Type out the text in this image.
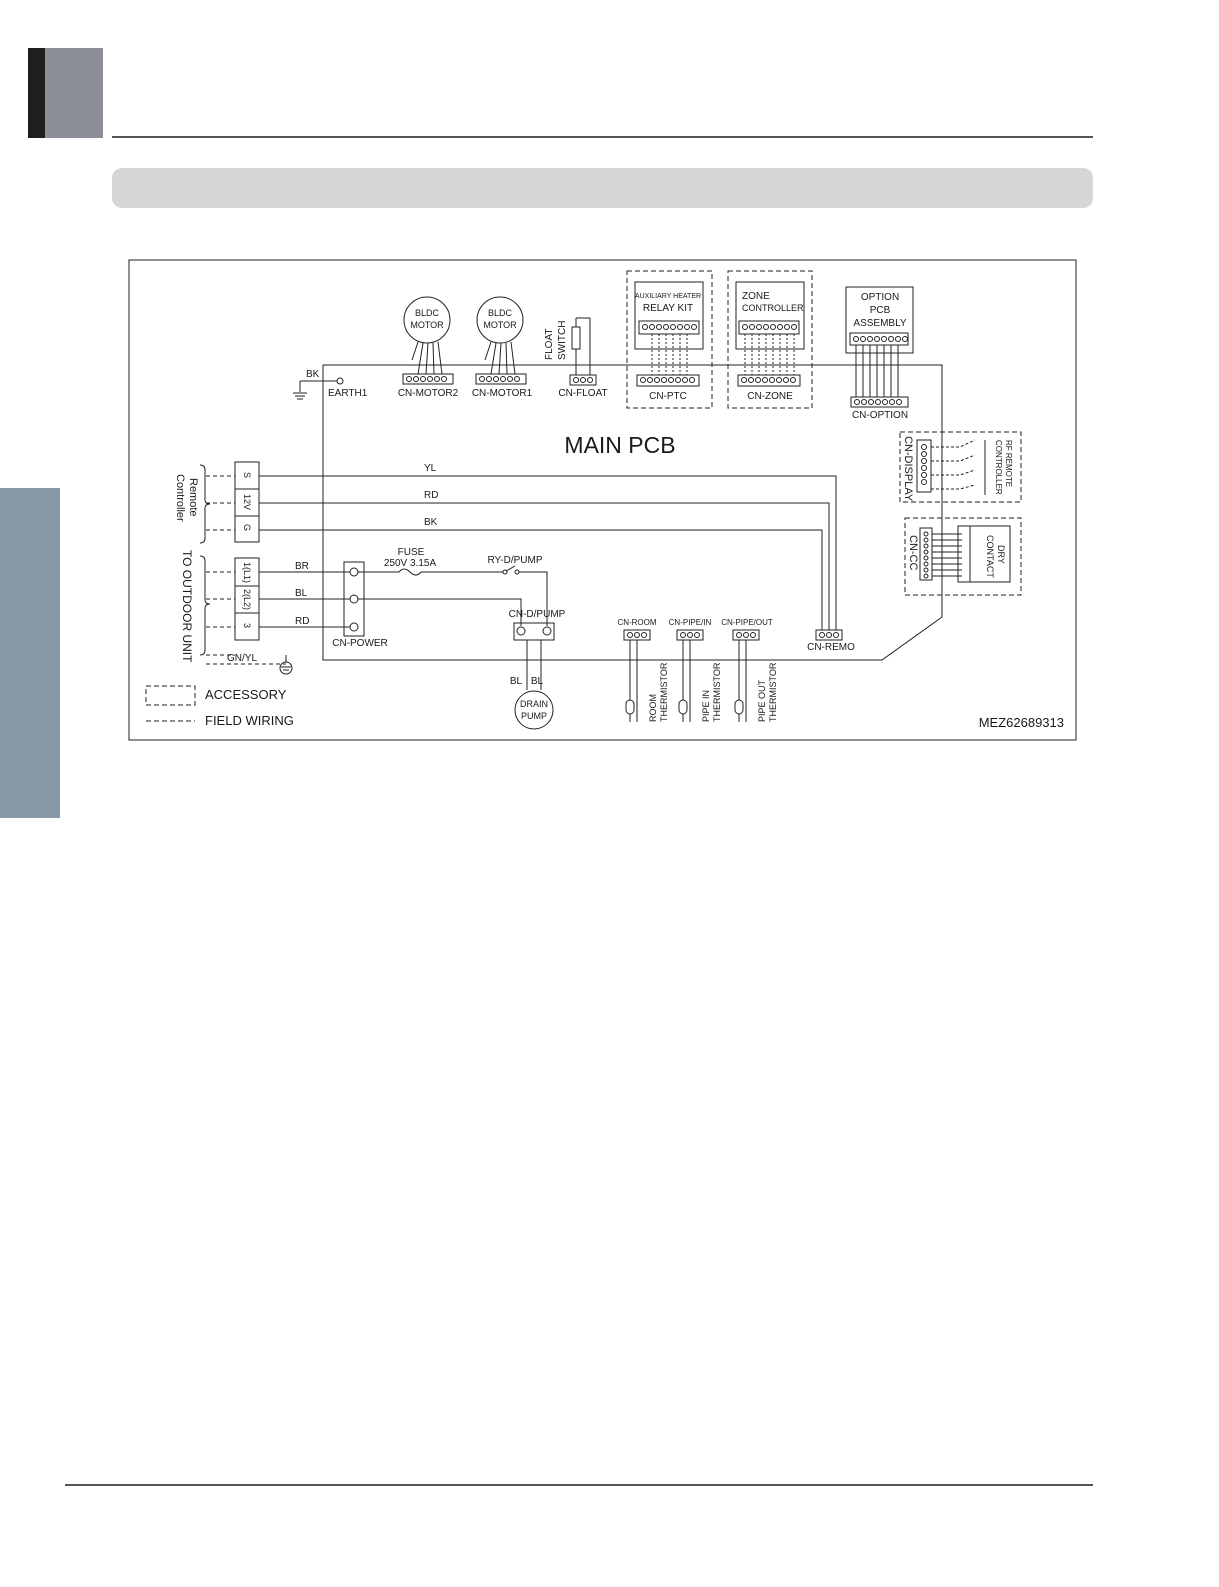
MAIN PCB
BK
EARTH1
BLDC
MOTOR
CN-MOTOR2
BLDC
MOTOR
CN-MOTOR1
FLOAT SWITCH
CN-FLOAT
AUXILIARY HEATER
RELAY KIT
CN-PTC
ZONE
CONTROLLER
CN-ZONE
OPTION
PCB
ASSEMBLY
CN-OPTION
CN-DISPLAY	RF REMOTE
CONTROLLER
CN-CC	DRY
CONTACT
Remote
Controller	S
12V
G
YL
RD
BK
CN-REMO
TO OUTDOOR UNIT	1(L1)
2(L2)
3
GN/YL
BR
BL
RD
CN-POWER
FUSE
250V 3.15A	RY-D/PUMP
CN-D/PUMP
BL BL
DRAIN
PUMP
CN-ROOM
ROOM THERMISTOR
CN-PIPE/IN
PIPE IN THERMISTOR
CN-PIPE/OUT
PIPE OUT THERMISTOR
ACCESSORY
FIELD WIRING	MEZ62689313
